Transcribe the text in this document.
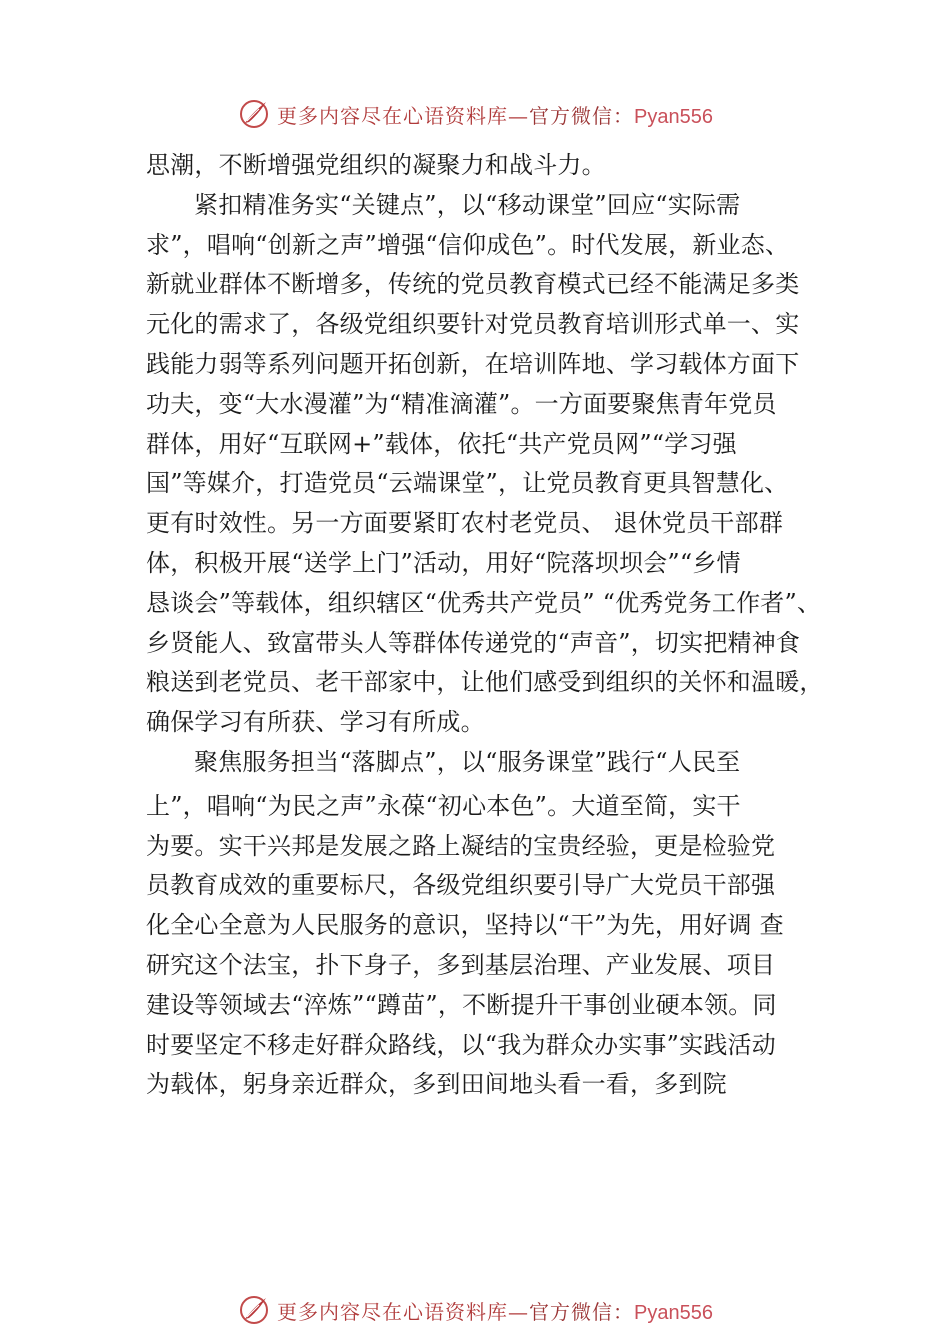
更多内容尽在心语资料库—官方微信：Pyan556
思潮，不断增强党组织的凝聚力和战斗力。
紧扣精准务实“关键点”，以“移动课堂”回应“实际需
求”，唱响“创新之声”增强“信仰成色”。时代发展，新业态、
新就业群体不断增多，传统的党员教育模式已经不能满足多类
元化的需求了，各级党组织要针对党员教育培训形式单一、实
践能力弱等系列问题开拓创新，在培训阵地、学习载体方面下
功夫，变“大水漫灌”为“精准滴灌”。一方面要聚焦青年党员
群体，用好“互联网+”载体，依托“共产党员网”“学习强
国”等媒介，打造党员“云端课堂”，让党员教育更具智慧化、
更有时效性。另一方面要紧盯农村老党员、 退休党员干部群
体，积极开展“送学上门”活动，用好“院落坝坝会”“乡情
恳谈会”等载体，组织辖区“优秀共产党员” “优秀党务工作者”、
乡贤能人、致富带头人等群体传递党的“声音”，切实把精神食
粮送到老党员、老干部家中，让他们感受到组织的关怀和温暖，
确保学习有所获、学习有所成。
聚焦服务担当“落脚点”，以“服务课堂”践行“人民至
上”，唱响“为民之声”永葆“初心本色”。大道至简，实干
为要。实干兴邦是发展之路上凝结的宝贵经验，更是检验党
员教育成效的重要标尺，各级党组织要引导广大党员干部强
化全心全意为人民服务的意识，坚持以“干”为先，用好调 查
研究这个法宝，扑下身子，多到基层治理、产业发展、项目
建设等领域去“淬炼”“蹲苗”，不断提升干事创业硬本领。同
时要坚定不移走好群众路线，以“我为群众办实事”实践活动
为载体，躬身亲近群众，多到田间地头看一看，多到院
更多内容尽在心语资料库—官方微信：Pyan556
